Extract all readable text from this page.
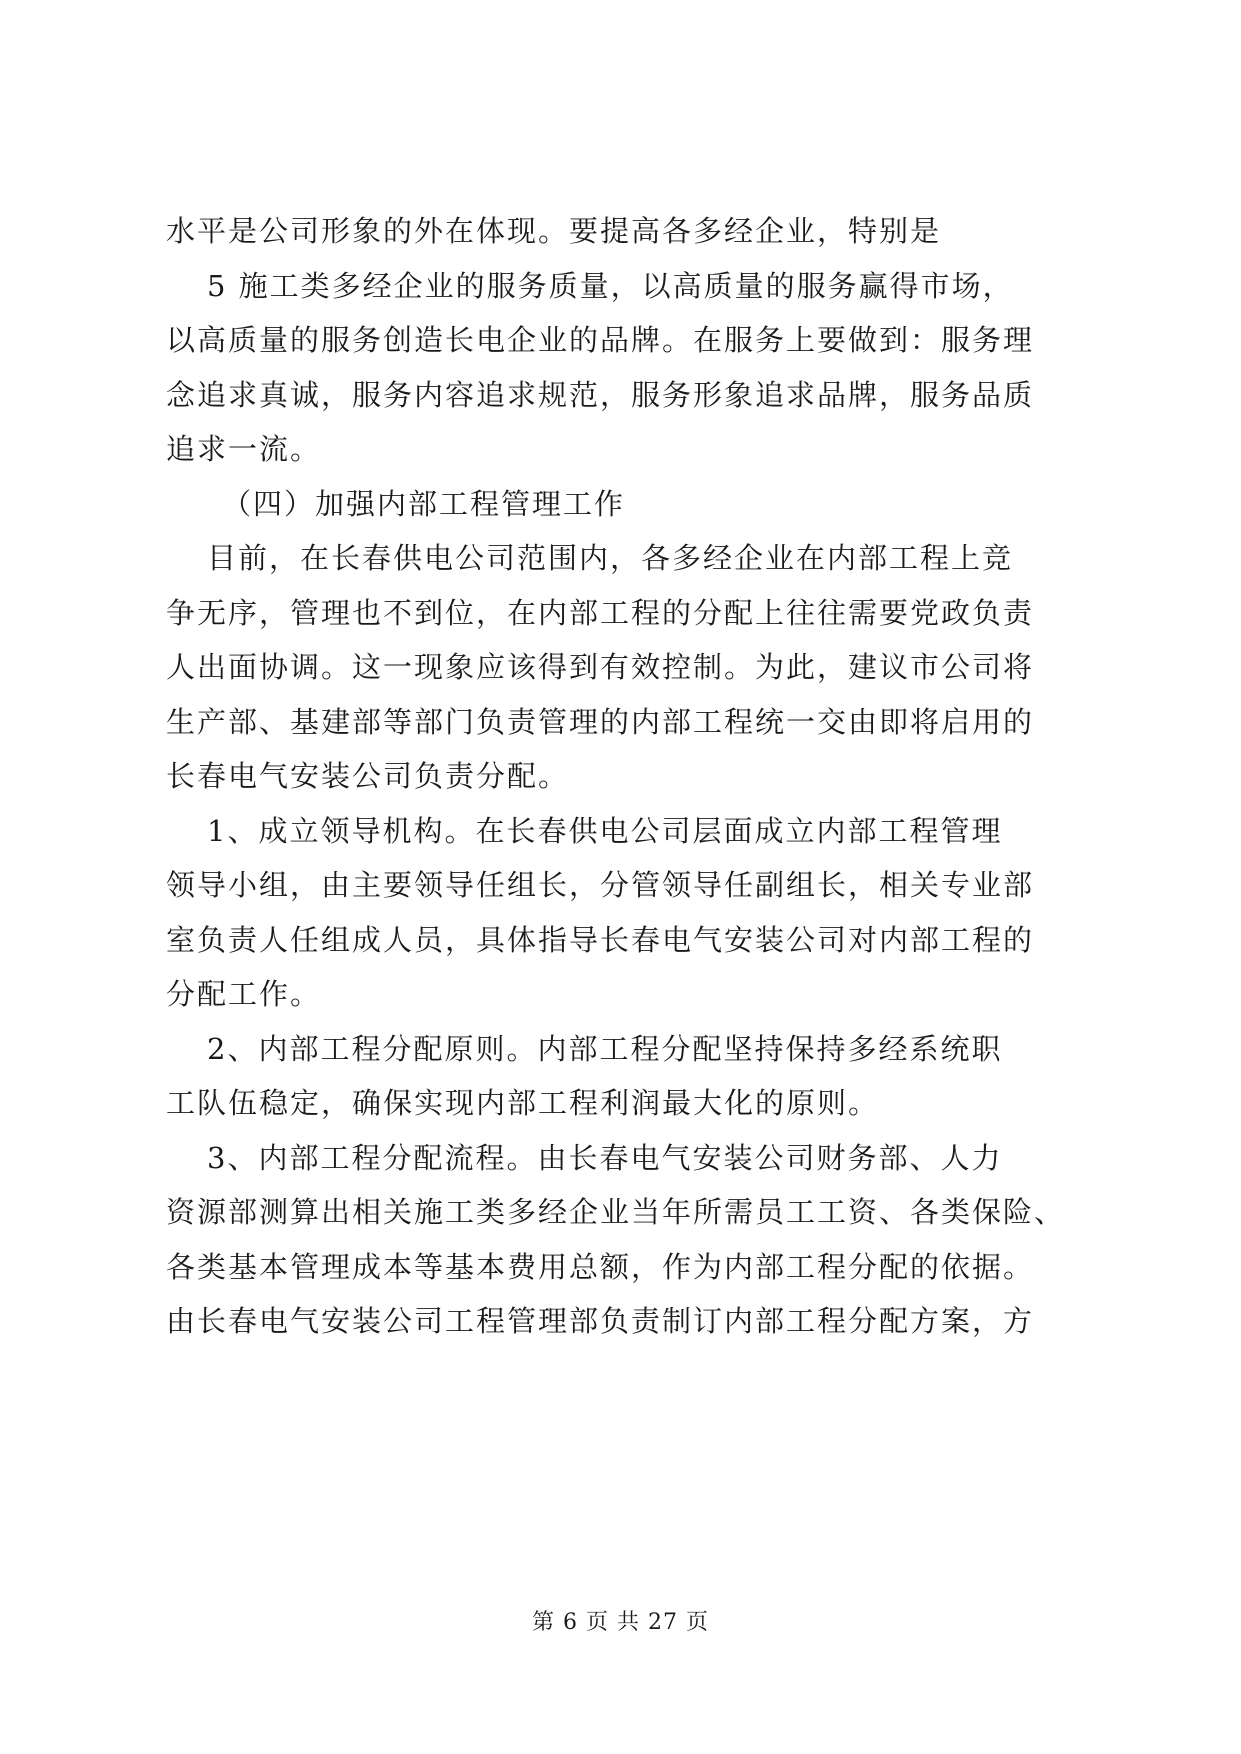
水平是公司形象的外在体现。要提高各多经企业，特别是
5 施工类多经企业的服务质量，以高质量的服务赢得市场，
以高质量的服务创造长电企业的品牌。在服务上要做到：服务理
念追求真诚，服务内容追求规范，服务形象追求品牌，服务品质
追求一流。
（四）加强内部工程管理工作
目前，在长春供电公司范围内，各多经企业在内部工程上竞
争无序，管理也不到位，在内部工程的分配上往往需要党政负责
人出面协调。这一现象应该得到有效控制。为此，建议市公司将
生产部、基建部等部门负责管理的内部工程统一交由即将启用的
长春电气安装公司负责分配。
1、成立领导机构。在长春供电公司层面成立内部工程管理
领导小组，由主要领导任组长，分管领导任副组长，相关专业部
室负责人任组成人员，具体指导长春电气安装公司对内部工程的
分配工作。
2、内部工程分配原则。内部工程分配坚持保持多经系统职
工队伍稳定，确保实现内部工程利润最大化的原则。
3、内部工程分配流程。由长春电气安装公司财务部、人力
资源部测算出相关施工类多经企业当年所需员工工资、各类保险、
各类基本管理成本等基本费用总额，作为内部工程分配的依据。
由长春电气安装公司工程管理部负责制订内部工程分配方案，方
第 6 页 共 27 页
